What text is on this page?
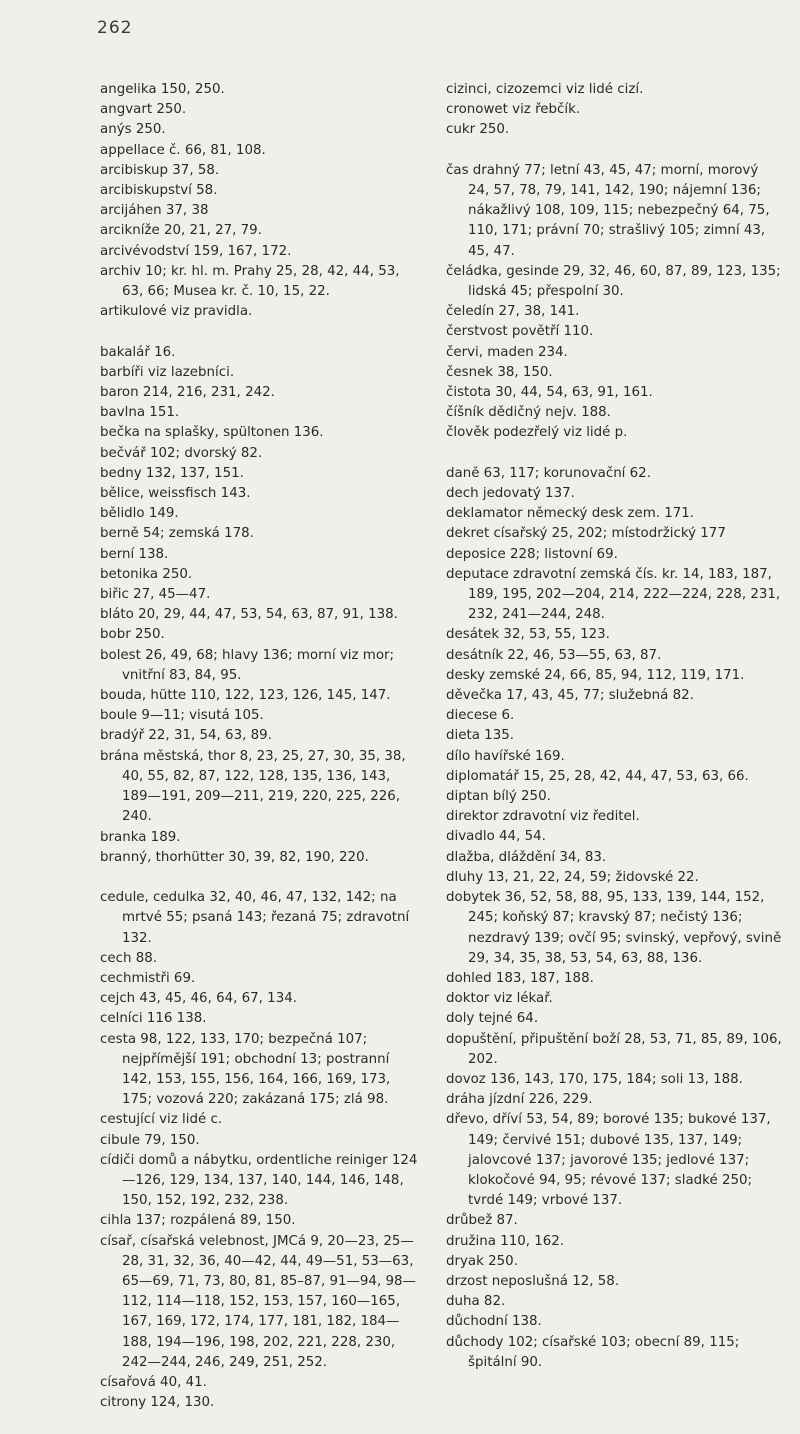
262
angelika 150, 250.
angvart 250.
anýs 250.
appellace č. 66, 81, 108.
arcibiskup 37, 58.
arcibiskupství 58.
arcijáhen 37, 38
arcikníže 20, 21, 27, 79.
arcivévodství 159, 167, 172.
archiv 10; kr. hl. m. Prahy 25, 28, 42, 44, 53, 63, 66; Musea kr. č. 10, 15, 22.
artikulové viz pravidla.
bakalář 16.
barbíři viz lazebníci.
baron 214, 216, 231, 242.
bavlna 151.
bečka na splašky, spültonen 136.
bečvář 102; dvorský 82.
bedny 132, 137, 151.
bělice, weissfisch 143.
bělidlo 149.
berně 54; zemská 178.
berní 138.
betonika 250.
biřic 27, 45—47.
bláto 20, 29, 44, 47, 53, 54, 63, 87, 91, 138.
bobr 250.
bolest 26, 49, 68; hlavy 136; morní viz mor; vnitřní 83, 84, 95.
bouda, hütte 110, 122, 123, 126, 145, 147.
boule 9—11; visutá 105.
bradýř 22, 31, 54, 63, 89.
brána městská, thor 8, 23, 25, 27, 30, 35, 38, 40, 55, 82, 87, 122, 128, 135, 136, 143, 189—191, 209—211, 219, 220, 225, 226, 240.
branka 189.
branný, thorhütter 30, 39, 82, 190, 220.
cedule, cedulka 32, 40, 46, 47, 132, 142; na mrtvé 55; psaná 143; řezaná 75; zdravotní 132.
cech 88.
cechmistři 69.
cejch 43, 45, 46, 64, 67, 134.
celníci 116 138.
cesta 98, 122, 133, 170; bezpečná 107; nejpřímější 191; obchodní 13; postranní 142, 153, 155, 156, 164, 166, 169, 173, 175; vozová 220; zakázaná 175; zlá 98.
cestující viz lidé c.
cibule 79, 150.
cídiči domů a nábytku, ordentliche reiniger 124—126, 129, 134, 137, 140, 144, 146, 148, 150, 152, 192, 232, 238.
cihla 137; rozpálená 89, 150.
císař, císařská velebnost, JMCá 9, 20—23, 25—28, 31, 32, 36, 40—42, 44, 49—51, 53—63, 65—69, 71, 73, 80, 81, 85–87, 91—94, 98—112, 114—118, 152, 153, 157, 160—165, 167, 169, 172, 174, 177, 181, 182, 184—188, 194—196, 198, 202, 221, 228, 230, 242—244, 246, 249, 251, 252.
císařová 40, 41.
citrony 124, 130.
cizinci, cizozemci viz lidé cizí.
cronowet viz řebčík.
cukr 250.
čas drahný 77; letní 43, 45, 47; morní, morový 24, 57, 78, 79, 141, 142, 190; nájemní 136; nákažlivý 108, 109, 115; nebezpečný 64, 75, 110, 171; právní 70; strašlivý 105; zimní 43, 45, 47.
čeládka, gesinde 29, 32, 46, 60, 87, 89, 123, 135; lidská 45; přespolní 30.
čeledín 27, 38, 141.
čerstvost povětří 110.
červi, maden 234.
česnek 38, 150.
čistota 30, 44, 54, 63, 91, 161.
číšník dědičný nejv. 188.
člověk podezřelý viz lidé p.
daně 63, 117; korunovační 62.
dech jedovatý 137.
deklamator německý desk zem. 171.
dekret císařský 25, 202; místodržický 177
deposice 228; listovní 69.
deputace zdravotní zemská čís. kr. 14, 183, 187, 189, 195, 202—204, 214, 222—224, 228, 231, 232, 241—244, 248.
desátek 32, 53, 55, 123.
desátník 22, 46, 53—55, 63, 87.
desky zemské 24, 66, 85, 94, 112, 119, 171.
děvečka 17, 43, 45, 77; služebná 82.
diecese 6.
dieta 135.
dílo havířské 169.
diplomatář 15, 25, 28, 42, 44, 47, 53, 63, 66.
diptan bílý 250.
direktor zdravotní viz ředitel.
divadlo 44, 54.
dlažba, dláždění 34, 83.
dluhy 13, 21, 22, 24, 59; židovské 22.
dobytek 36, 52, 58, 88, 95, 133, 139, 144, 152, 245; koňský 87; kravský 87; nečistý 136; nezdravý 139; ovčí 95; svinský, vepřový, svině 29, 34, 35, 38, 53, 54, 63, 88, 136.
dohled 183, 187, 188.
doktor viz lékař.
doly tejné 64.
dopuštění, připuštění boží 28, 53, 71, 85, 89, 106, 202.
dovoz 136, 143, 170, 175, 184; soli 13, 188.
dráha jízdní 226, 229.
dřevo, dříví 53, 54, 89; borové 135; bukové 137, 149; červivé 151; dubové 135, 137, 149; jalovcové 137; javorové 135; jedlové 137; klokočové 94, 95; révové 137; sladké 250; tvrdé 149; vrbové 137.
drůbež 87.
družina 110, 162.
dryak 250.
drzost neposlušná 12, 58.
duha 82.
důchodní 138.
důchody 102; císařské 103; obecní 89, 115; špitální 90.
